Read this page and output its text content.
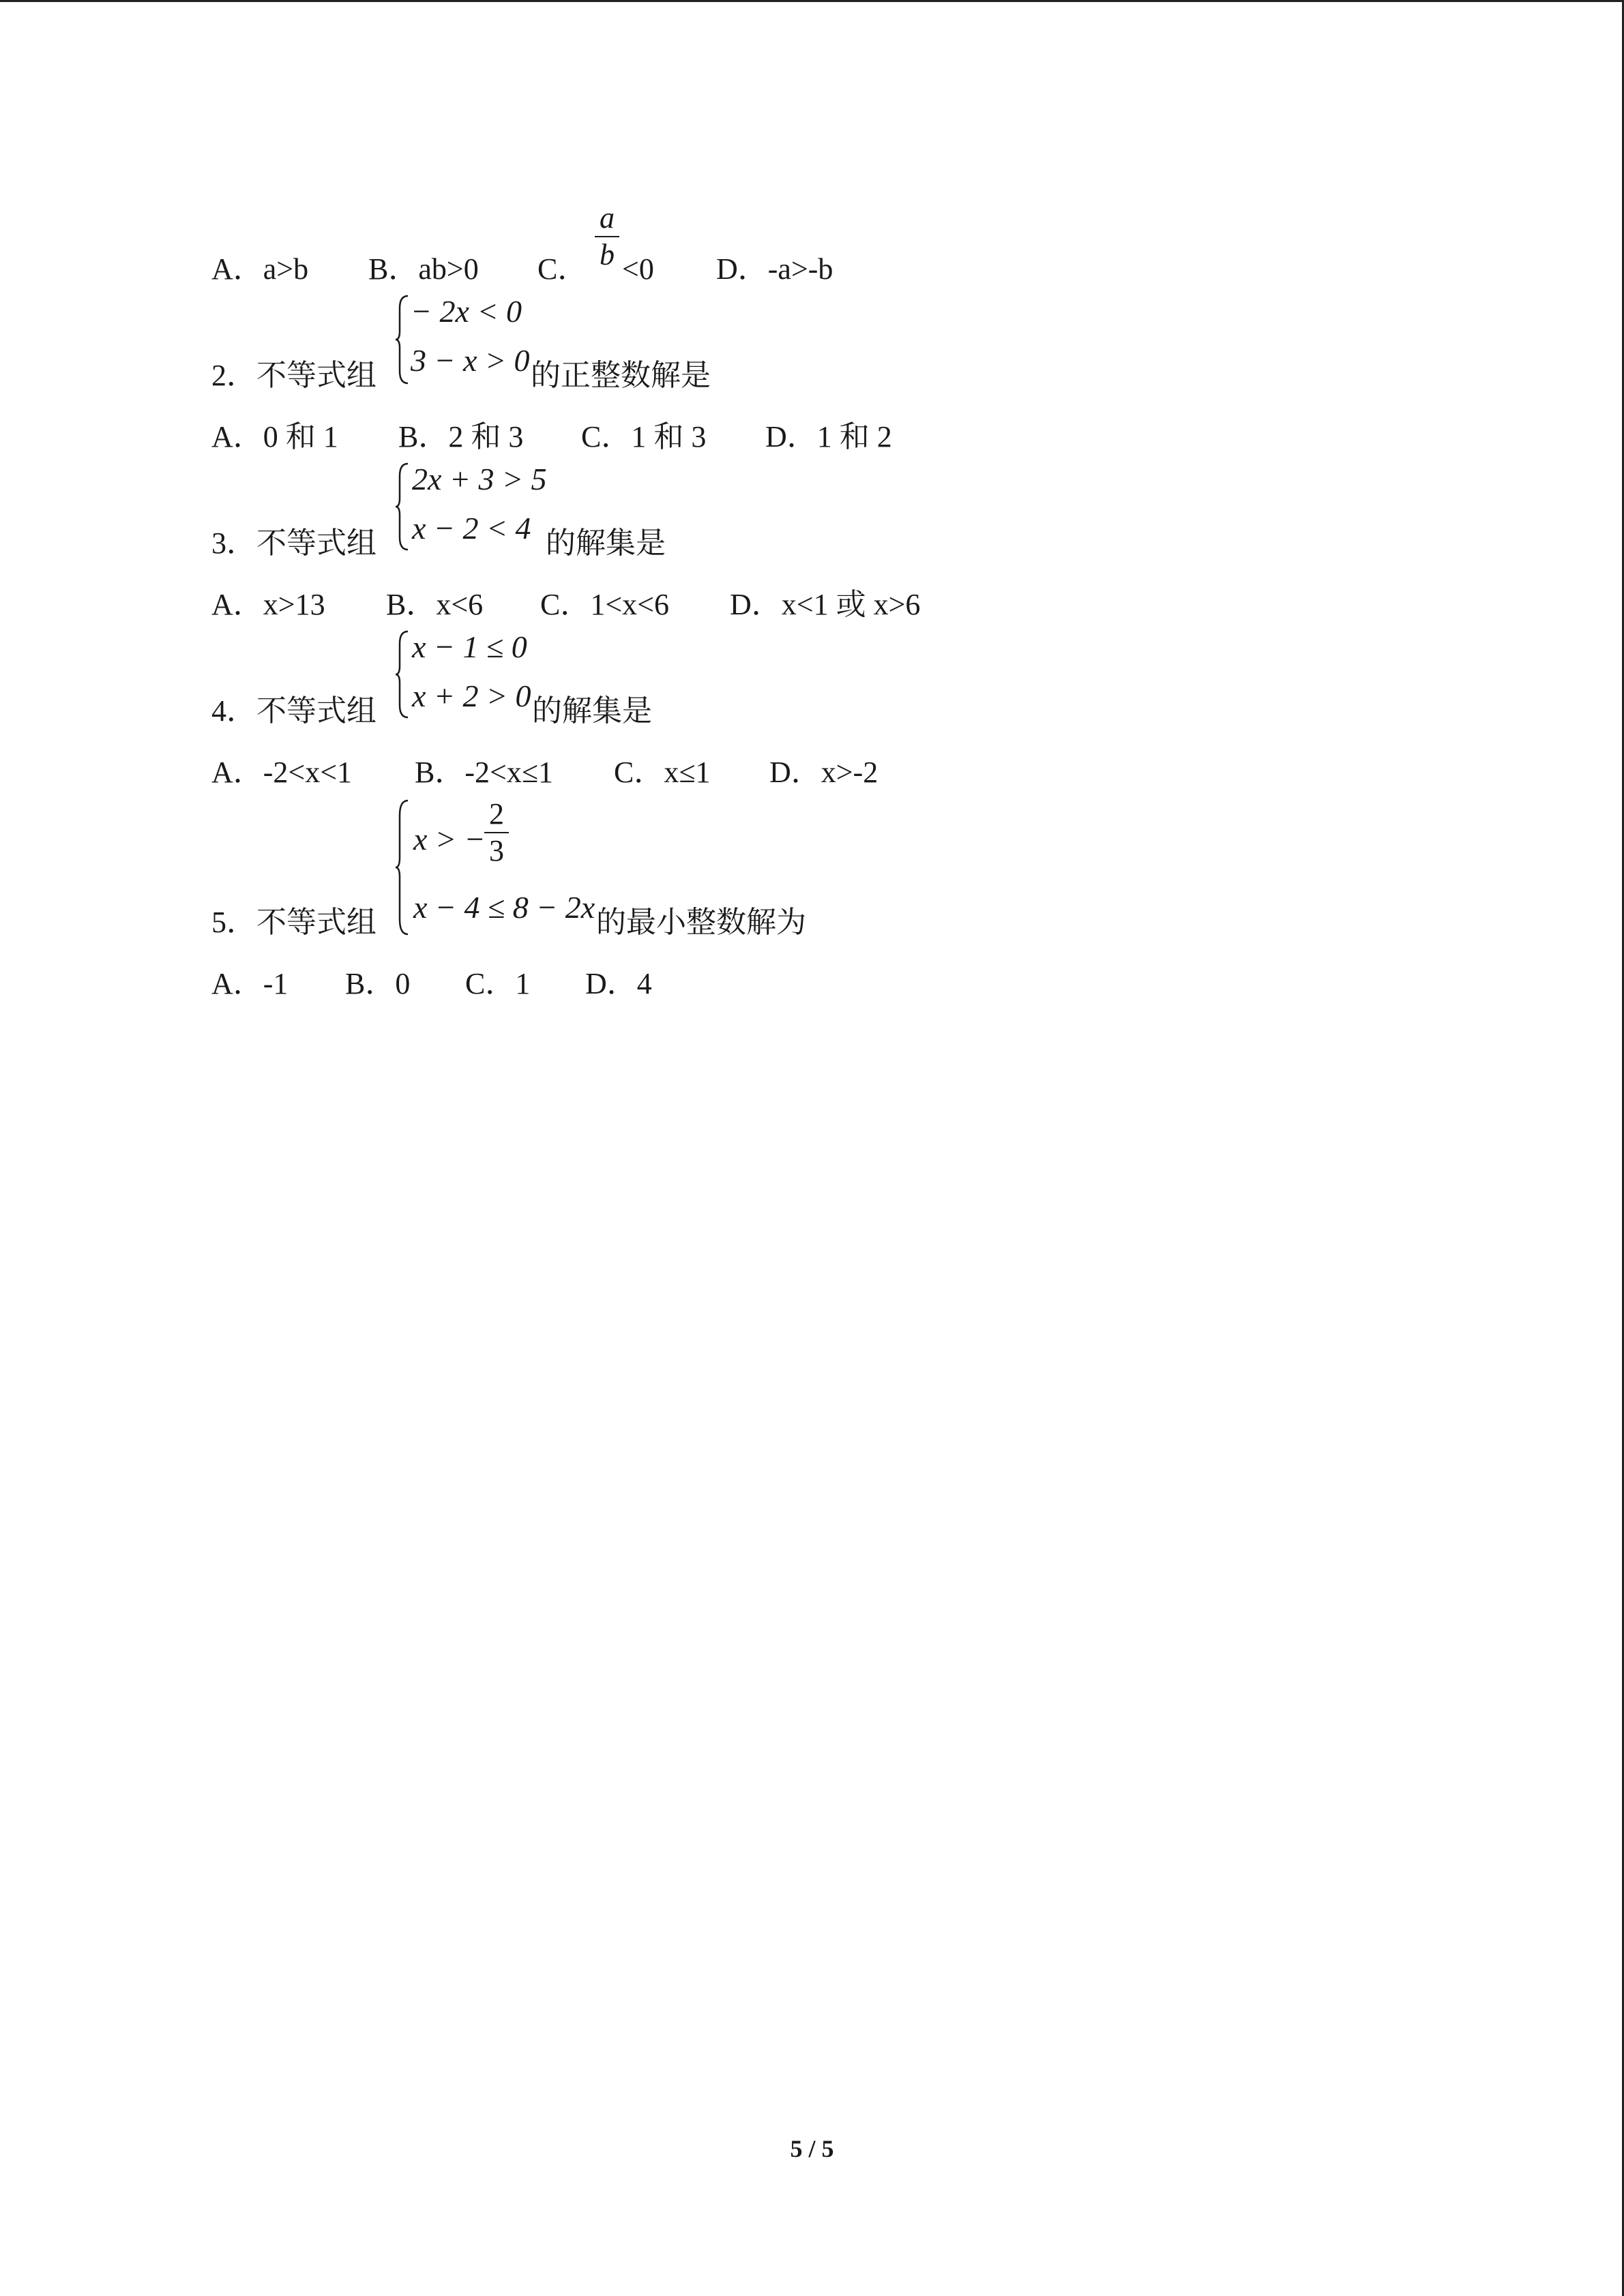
A．a>b B．ab>0 C．
a
b <0 D．-a>-b
− 2x < 0
3 − x > 0
2．不等式组	的正整数解是
A．0 和 1 B．2 和 3 C．1 和 3 D．1 和 2
2x + 3 > 5
x − 2 < 4
3．不等式组	的解集是
A．x>13 B．x<6 C．1<x<6 D．x<1 或 x>6
x − 1 ≤ 0
x + 2 > 0
4．不等式组	的解集是
A．-2<x<1 B．-2<x≤1 C．x≤1 D．x>-2
x > −
2
3
x − 4 ≤ 8 − 2x
5．不等式组	的最小整数解为
A．-1 B．0 C．1 D．4
5 / 5
